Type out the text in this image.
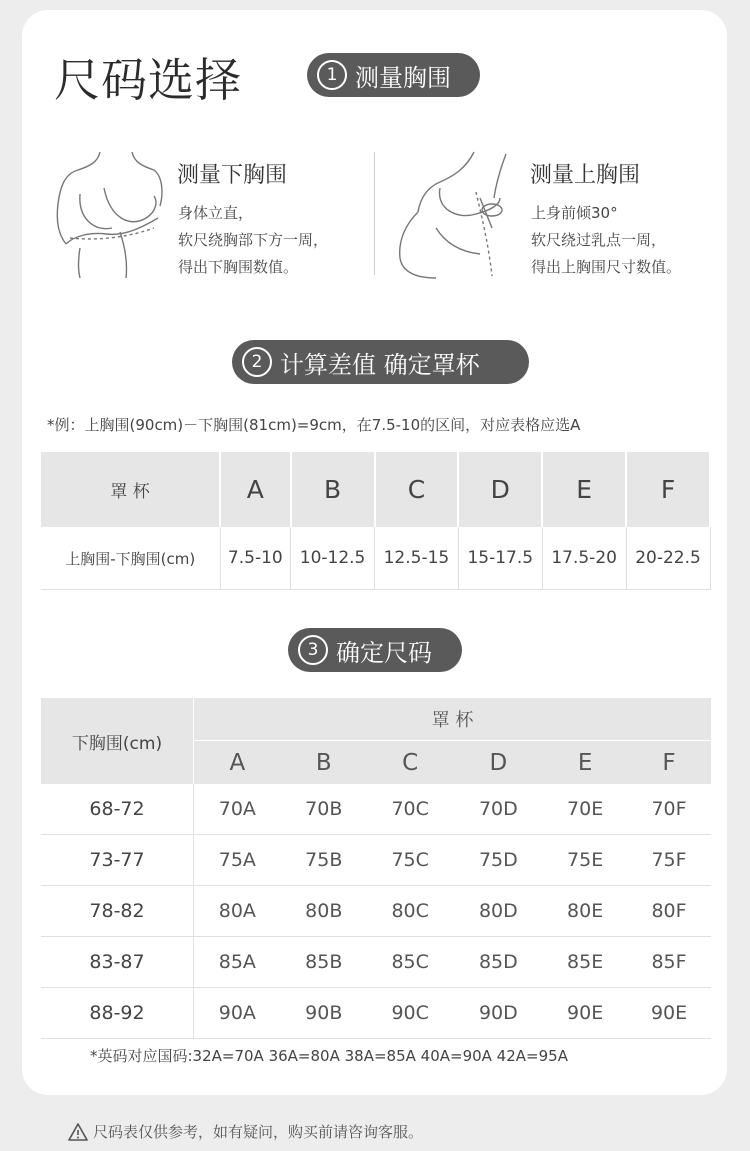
尺码选择	1 测量胸围
测量下胸围
身体立直，
软尺绕胸部下方一周，
得出下胸围数值。
测量上胸围
上身前倾30°
软尺绕过乳点一周，
得出上胸围尺寸数值。
2 计算差值 确定罩杯
*例：上胸围(90cm)－下胸围(81cm)=9cm，在7.5-10的区间，对应表格应选A
罩 杯	A	B	C	D	E	F
上胸围-下胸围(cm)	7.5-10	10-12.5	12.5-15	15-17.5	17.5-20	20-22.5
3 确定尺码
下胸围(cm)	罩 杯					
	A	B	C	D	E	F
68-72	70A	70B	70C	70D	70E	70F
73-77	75A	75B	75C	75D	75E	75F
78-82	80A	80B	80C	80D	80E	80F
83-87	85A	85B	85C	85D	85E	85F
88-92	90A	90B	90C	90D	90E	90E
*英码对应国码:32A=70A 36A=80A 38A=85A 40A=90A 42A=95A
尺码表仅供参考，如有疑问，购买前请咨询客服。
